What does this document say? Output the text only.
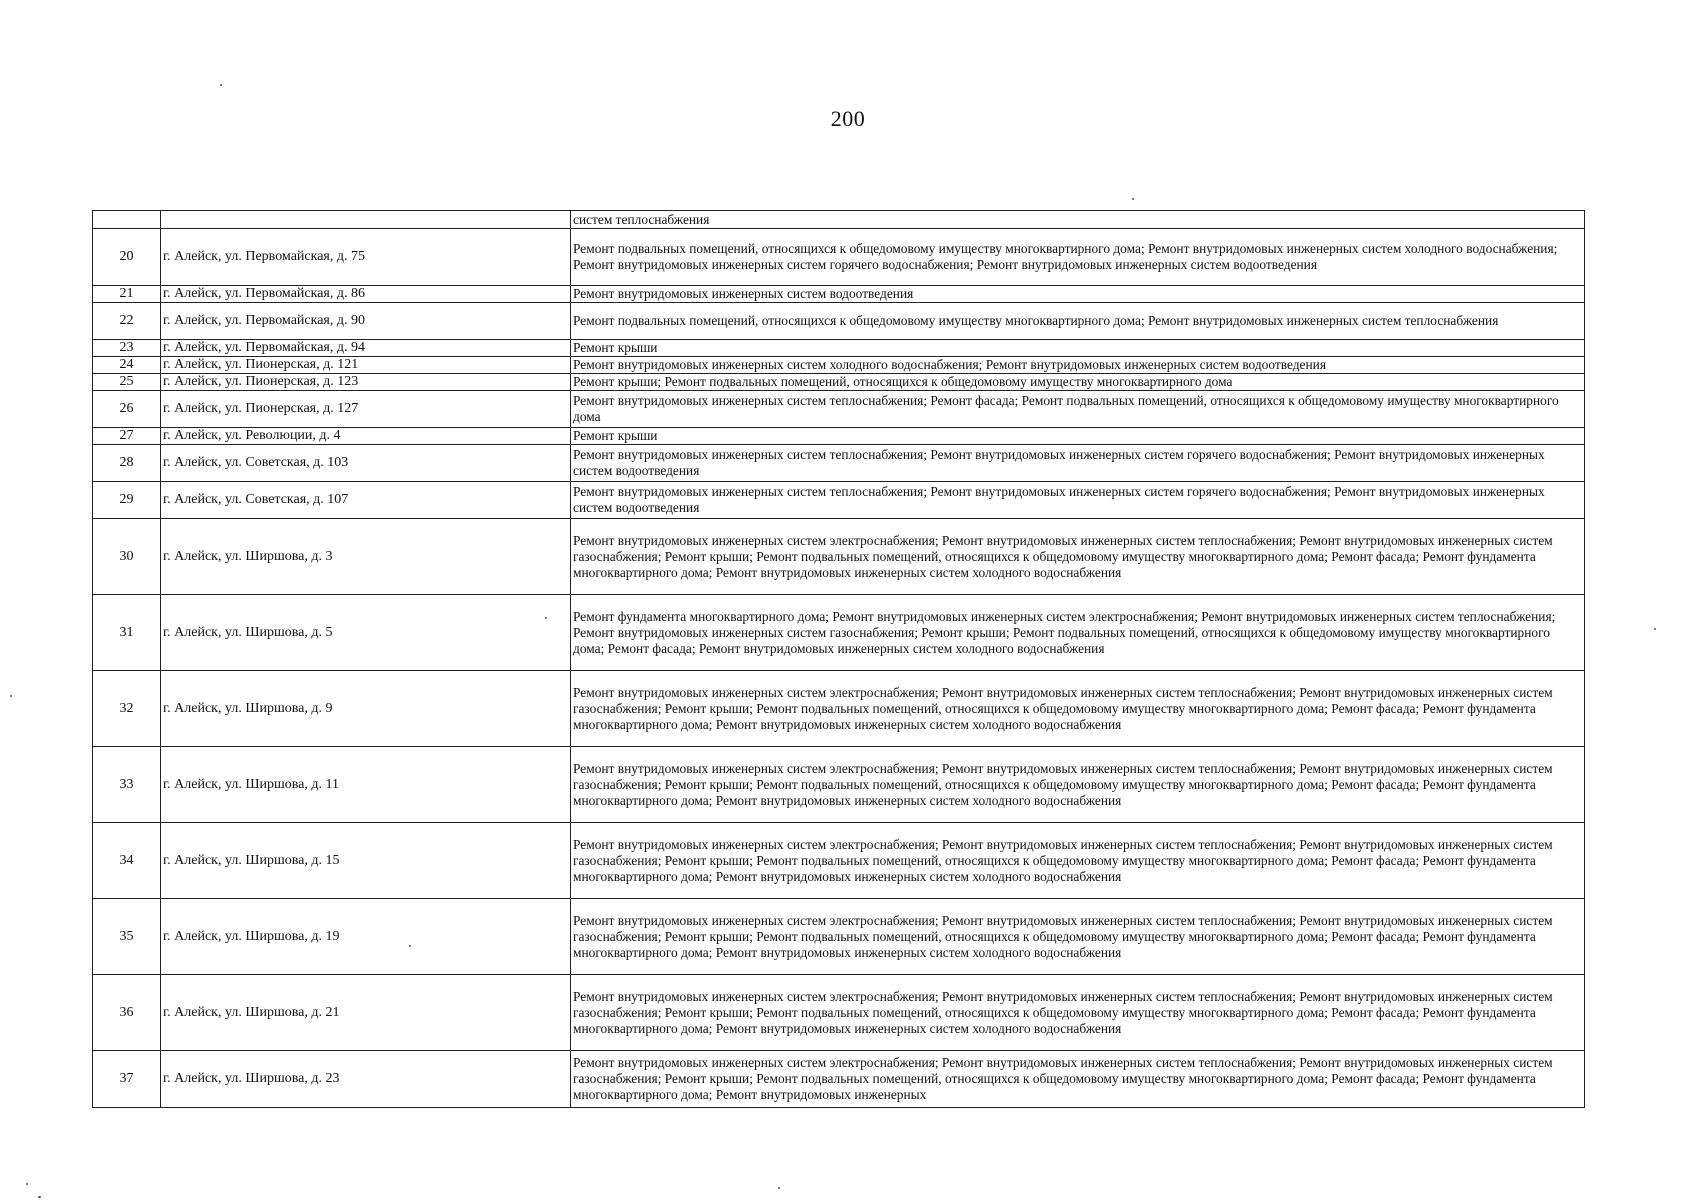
200
		систем теплоснабжения
20	г. Алейск, ул. Первомайская, д. 75	Ремонт подвальных помещений, относящихся к общедомовому имуществу многоквартирного дома; Ремонт внутридомовых инженерных систем холодного водоснабжения; Ремонт внутридомовых инженерных систем горячего водоснабжения; Ремонт внутридомовых инженерных систем водоотведения
21	г. Алейск, ул. Первомайская, д. 86	Ремонт внутридомовых инженерных систем водоотведения
22	г. Алейск, ул. Первомайская, д. 90	Ремонт подвальных помещений, относящихся к общедомовому имуществу многоквартирного дома; Ремонт внутридомовых инженерных систем теплоснабжения
23	г. Алейск, ул. Первомайская, д. 94	Ремонт крыши
24	г. Алейск, ул. Пионерская, д. 121	Ремонт внутридомовых инженерных систем холодного водоснабжения; Ремонт внутридомовых инженерных систем водоотведения
25	г. Алейск, ул. Пионерская, д. 123	Ремонт крыши; Ремонт подвальных помещений, относящихся к общедомовому имуществу многоквартирного дома
26	г. Алейск, ул. Пионерская, д. 127	Ремонт внутридомовых инженерных систем теплоснабжения; Ремонт фасада; Ремонт подвальных помещений, относящихся к общедомовому имуществу многоквартирного дома
27	г. Алейск, ул. Революции, д. 4	Ремонт крыши
28	г. Алейск, ул. Советская, д. 103	Ремонт внутридомовых инженерных систем теплоснабжения; Ремонт внутридомовых инженерных систем горячего водоснабжения; Ремонт внутридомовых инженерных систем водоотведения
29	г. Алейск, ул. Советская, д. 107	Ремонт внутридомовых инженерных систем теплоснабжения; Ремонт внутридомовых инженерных систем горячего водоснабжения; Ремонт внутридомовых инженерных систем водоотведения
30	г. Алейск, ул. Ширшова, д. 3	Ремонт внутридомовых инженерных систем электроснабжения; Ремонт внутридомовых инженерных систем теплоснабжения; Ремонт внутридомовых инженерных систем газоснабжения; Ремонт крыши; Ремонт подвальных помещений, относящихся к общедомовому имуществу многоквартирного дома; Ремонт фасада; Ремонт фундамента многоквартирного дома; Ремонт внутридомовых инженерных систем холодного водоснабжения
31	г. Алейск, ул. Ширшова, д. 5	Ремонт фундамента многоквартирного дома; Ремонт внутридомовых инженерных систем электроснабжения; Ремонт внутридомовых инженерных систем теплоснабжения; Ремонт внутридомовых инженерных систем газоснабжения; Ремонт крыши; Ремонт подвальных помещений, относящихся к общедомовому имуществу многоквартирного дома; Ремонт фасада; Ремонт внутридомовых инженерных систем холодного водоснабжения
32	г. Алейск, ул. Ширшова, д. 9	Ремонт внутридомовых инженерных систем электроснабжения; Ремонт внутридомовых инженерных систем теплоснабжения; Ремонт внутридомовых инженерных систем газоснабжения; Ремонт крыши; Ремонт подвальных помещений, относящихся к общедомовому имуществу многоквартирного дома; Ремонт фасада; Ремонт фундамента многоквартирного дома; Ремонт внутридомовых инженерных систем холодного водоснабжения
33	г. Алейск, ул. Ширшова, д. 11	Ремонт внутридомовых инженерных систем электроснабжения; Ремонт внутридомовых инженерных систем теплоснабжения; Ремонт внутридомовых инженерных систем газоснабжения; Ремонт крыши; Ремонт подвальных помещений, относящихся к общедомовому имуществу многоквартирного дома; Ремонт фасада; Ремонт фундамента многоквартирного дома; Ремонт внутридомовых инженерных систем холодного водоснабжения
34	г. Алейск, ул. Ширшова, д. 15	Ремонт внутридомовых инженерных систем электроснабжения; Ремонт внутридомовых инженерных систем теплоснабжения; Ремонт внутридомовых инженерных систем газоснабжения; Ремонт крыши; Ремонт подвальных помещений, относящихся к общедомовому имуществу многоквартирного дома; Ремонт фасада; Ремонт фундамента многоквартирного дома; Ремонт внутридомовых инженерных систем холодного водоснабжения
35	г. Алейск, ул. Ширшова, д. 19	Ремонт внутридомовых инженерных систем электроснабжения; Ремонт внутридомовых инженерных систем теплоснабжения; Ремонт внутридомовых инженерных систем газоснабжения; Ремонт крыши; Ремонт подвальных помещений, относящихся к общедомовому имуществу многоквартирного дома; Ремонт фасада; Ремонт фундамента многоквартирного дома; Ремонт внутридомовых инженерных систем холодного водоснабжения
36	г. Алейск, ул. Ширшова, д. 21	Ремонт внутридомовых инженерных систем электроснабжения; Ремонт внутридомовых инженерных систем теплоснабжения; Ремонт внутридомовых инженерных систем газоснабжения; Ремонт крыши; Ремонт подвальных помещений, относящихся к общедомовому имуществу многоквартирного дома; Ремонт фасада; Ремонт фундамента многоквартирного дома; Ремонт внутридомовых инженерных систем холодного водоснабжения
37	г. Алейск, ул. Ширшова, д. 23	Ремонт внутридомовых инженерных систем электроснабжения; Ремонт внутридомовых инженерных систем теплоснабжения; Ремонт внутридомовых инженерных систем газоснабжения; Ремонт крыши; Ремонт подвальных помещений, относящихся к общедомовому имуществу многоквартирного дома; Ремонт фасада; Ремонт фундамента многоквартирного дома; Ремонт внутридомовых инженерных
